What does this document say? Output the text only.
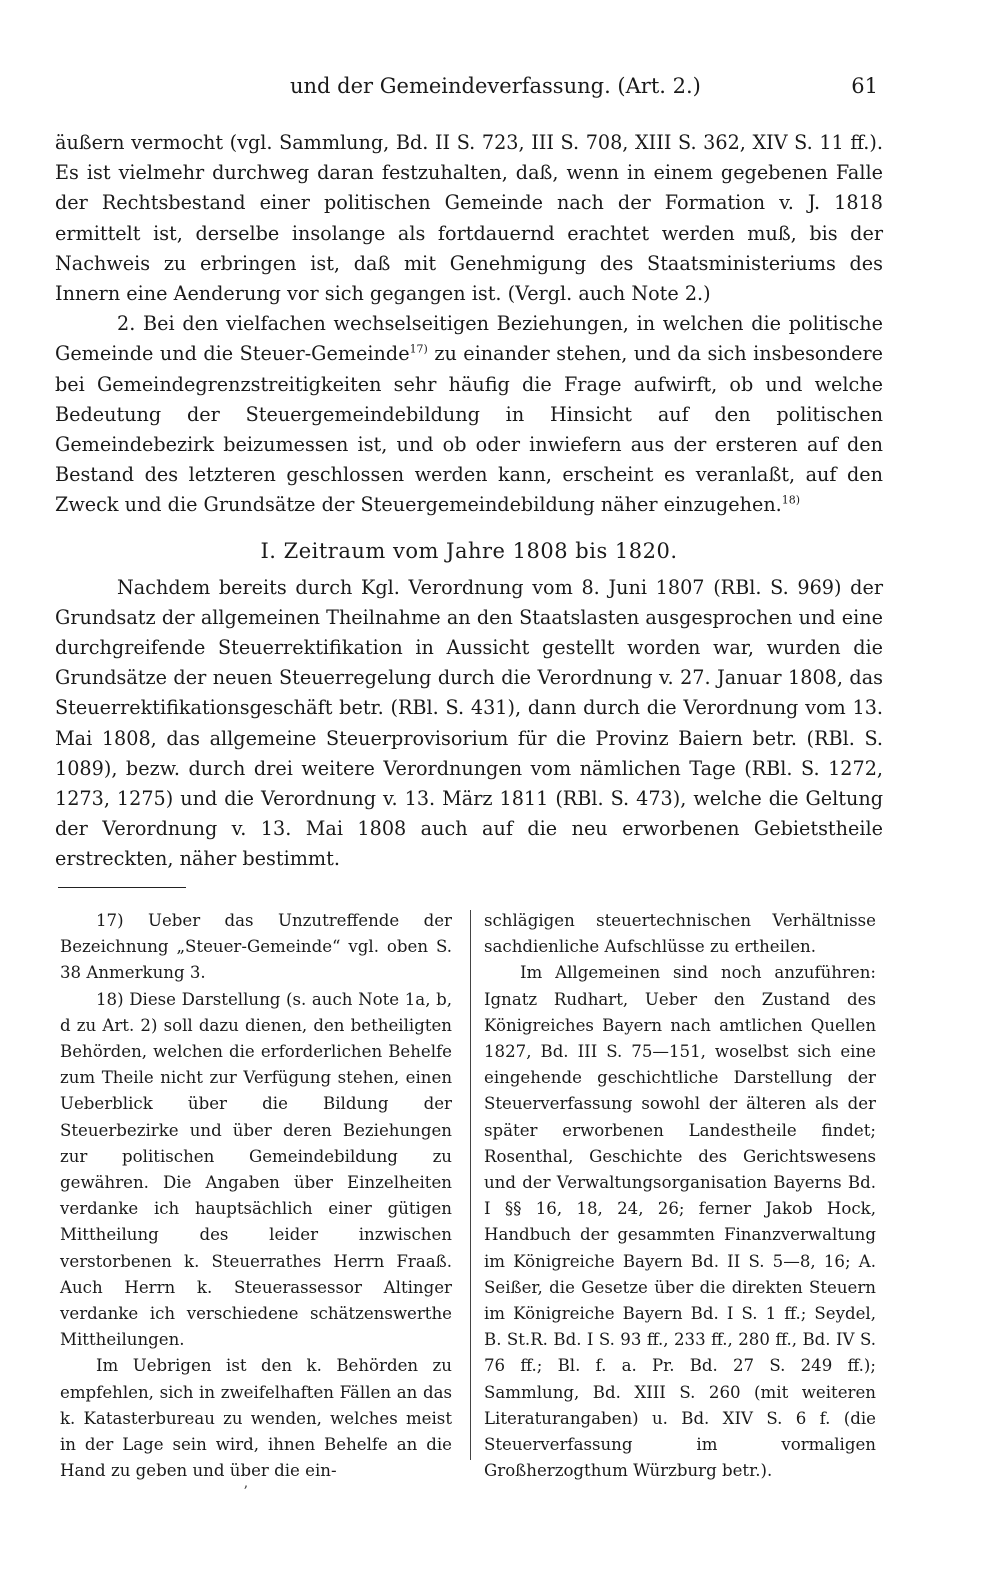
und der Gemeindeverfassung. (Art. 2.)	61

äußern vermocht (vgl. Sammlung, Bd. II S. 723, III S. 708, XIII S. 362, XIV S. 11 ff.). Es ist vielmehr durchweg daran festzuhalten, daß, wenn in einem gegebenen Falle der Rechtsbestand einer politischen Gemeinde nach der Formation v. J. 1818 ermittelt ist, derselbe insolange als fortdauernd erachtet werden muß, bis der Nachweis zu erbringen ist, daß mit Genehmigung des Staatsministeriums des Innern eine Aenderung vor sich gegangen ist. (Vergl. auch Note 2.)

2. Bei den vielfachen wechselseitigen Beziehungen, in welchen die politische Gemeinde und die Steuer-Gemeinde$^{17)}$ zu einander stehen, und da sich insbesondere bei Gemeindegrenzstreitigkeiten sehr häufig die Frage aufwirft, ob und welche Bedeutung der Steuergemeindebildung in Hinsicht auf den politischen Gemeindebezirk beizumessen ist, und ob oder inwiefern aus der ersteren auf den Bestand des letzteren geschlossen werden kann, erscheint es veranlaßt, auf den Zweck und die Grundsätze der Steuergemeindebildung näher einzugehen.$^{18)}$

I. Zeitraum vom Jahre 1808 bis 1820.

Nachdem bereits durch Kgl. Verordnung vom 8. Juni 1807 (RBl. S. 969) der Grundsatz der allgemeinen Theilnahme an den Staatslasten ausgesprochen und eine durchgreifende Steuerrektifikation in Aussicht gestellt worden war, wurden die Grundsätze der neuen Steuerregelung durch die Verordnung v. 27. Januar 1808, das Steuerrektifikationsgeschäft betr. (RBl. S. 431), dann durch die Verordnung vom 13. Mai 1808, das allgemeine Steuerprovisorium für die Provinz Baiern betr. (RBl. S. 1089), bezw. durch drei weitere Verordnungen vom nämlichen Tage (RBl. S. 1272, 1273, 1275) und die Verordnung v. 13. März 1811 (RBl. S. 473), welche die Geltung der Verordnung v. 13. Mai 1808 auch auf die neu erworbenen Gebietstheile erstreckten, näher bestimmt.

17) Ueber das Unzutreffende der Bezeichnung „Steuer-Gemeinde“ vgl. oben S. 38 Anmerkung 3.

18) Diese Darstellung (s. auch Note 1a, b, d zu Art. 2) soll dazu dienen, den betheiligten Behörden, welchen die erforderlichen Behelfe zum Theile nicht zur Verfügung stehen, einen Ueberblick über die Bildung der Steuerbezirke und über deren Beziehungen zur politischen Gemeindebildung zu gewähren. Die Angaben über Einzelheiten verdanke ich hauptsächlich einer gütigen Mittheilung des leider inzwischen verstorbenen k. Steuerrathes Herrn Fraaß. Auch Herrn k. Steuerassessor Altinger verdanke ich verschiedene schätzenswerthe Mittheilungen.

Im Uebrigen ist den k. Behörden zu empfehlen, sich in zweifelhaften Fällen an das k. Katasterbureau zu wenden, welches meist in der Lage sein wird, ihnen Behelfe an die Hand zu geben und über die ein-

schlägigen steuertechnischen Verhältnisse sachdienliche Aufschlüsse zu ertheilen.

Im Allgemeinen sind noch anzuführen: Ignatz Rudhart, Ueber den Zustand des Königreiches Bayern nach amtlichen Quellen 1827, Bd. III S. 75—151, woselbst sich eine eingehende geschichtliche Darstellung der Steuerverfassung sowohl der älteren als der später erworbenen Landestheile findet; Rosenthal, Geschichte des Gerichtswesens und der Verwaltungsorganisation Bayerns Bd. I §§ 16, 18, 24, 26; ferner Jakob Hock, Handbuch der gesammten Finanzverwaltung im Königreiche Bayern Bd. II S. 5—8, 16; A. Seißer, die Gesetze über die direkten Steuern im Königreiche Bayern Bd. I S. 1 ff.; Seydel, B. St.R. Bd. I S. 93 ff., 233 ff., 280 ff., Bd. IV S. 76 ff.; Bl. f. a. Pr. Bd. 27 S. 249 ff.); Sammlung, Bd. XIII S. 260 (mit weiteren Literaturangaben) u. Bd. XIV S. 6 f. (die Steuerverfassung im vormaligen Großherzogthum Würzburg betr.).

ʼ
